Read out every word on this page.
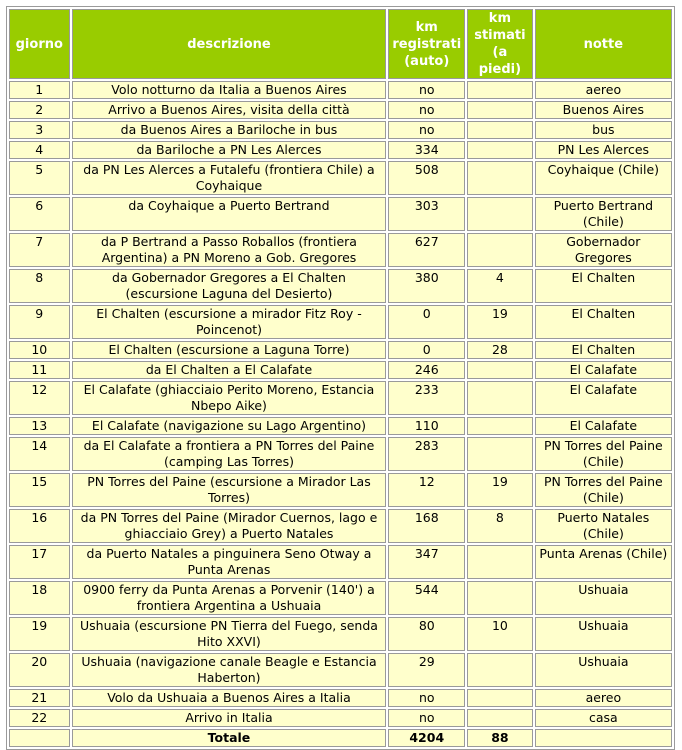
giorno	descrizione	km registrati (auto)	km stimati (a piedi)	notte
1	Volo notturno da Italia a Buenos Aires	no		aereo
2	Arrivo a Buenos Aires, visita della città	no		Buenos Aires
3	da Buenos Aires a Bariloche in bus	no		bus
4	da Bariloche a PN Les Alerces	334		PN Les Alerces
5	da PN Les Alerces a Futalefu (frontiera Chile) a Coyhaique	508		Coyhaique (Chile)
6	da Coyhaique a Puerto Bertrand	303		Puerto Bertrand (Chile)
7	da P Bertrand a Passo Roballos (frontiera Argentina) a PN Moreno a Gob. Gregores	627		Gobernador Gregores
8	da Gobernador Gregores a El Chalten (escursione Laguna del Desierto)	380	4	El Chalten
9	El Chalten (escursione a mirador Fitz Roy - Poincenot)	0	19	El Chalten
10	El Chalten (escursione a Laguna Torre)	0	28	El Chalten
11	da El Chalten a El Calafate	246		El Calafate
12	El Calafate (ghiacciaio Perito Moreno, Estancia Nbepo Aike)	233		El Calafate
13	El Calafate (navigazione su Lago Argentino)	110		El Calafate
14	da El Calafate a frontiera a PN Torres del Paine (camping Las Torres)	283		PN Torres del Paine (Chile)
15	PN Torres del Paine (escursione a Mirador Las Torres)	12	19	PN Torres del Paine (Chile)
16	da PN Torres del Paine (Mirador Cuernos, lago e ghiacciaio Grey) a Puerto Natales	168	8	Puerto Natales (Chile)
17	da Puerto Natales a pinguinera Seno Otway a Punta Arenas	347		Punta Arenas (Chile)
18	0900 ferry da Punta Arenas a Porvenir (140') a frontiera Argentina a Ushuaia	544		Ushuaia
19	Ushuaia (escursione PN Tierra del Fuego, senda Hito XXVI)	80	10	Ushuaia
20	Ushuaia (navigazione canale Beagle e Estancia Haberton)	29		Ushuaia
21	Volo da Ushuaia a Buenos Aires a Italia	no		aereo
22	Arrivo in Italia	no		casa
	Totale	4204	88	
